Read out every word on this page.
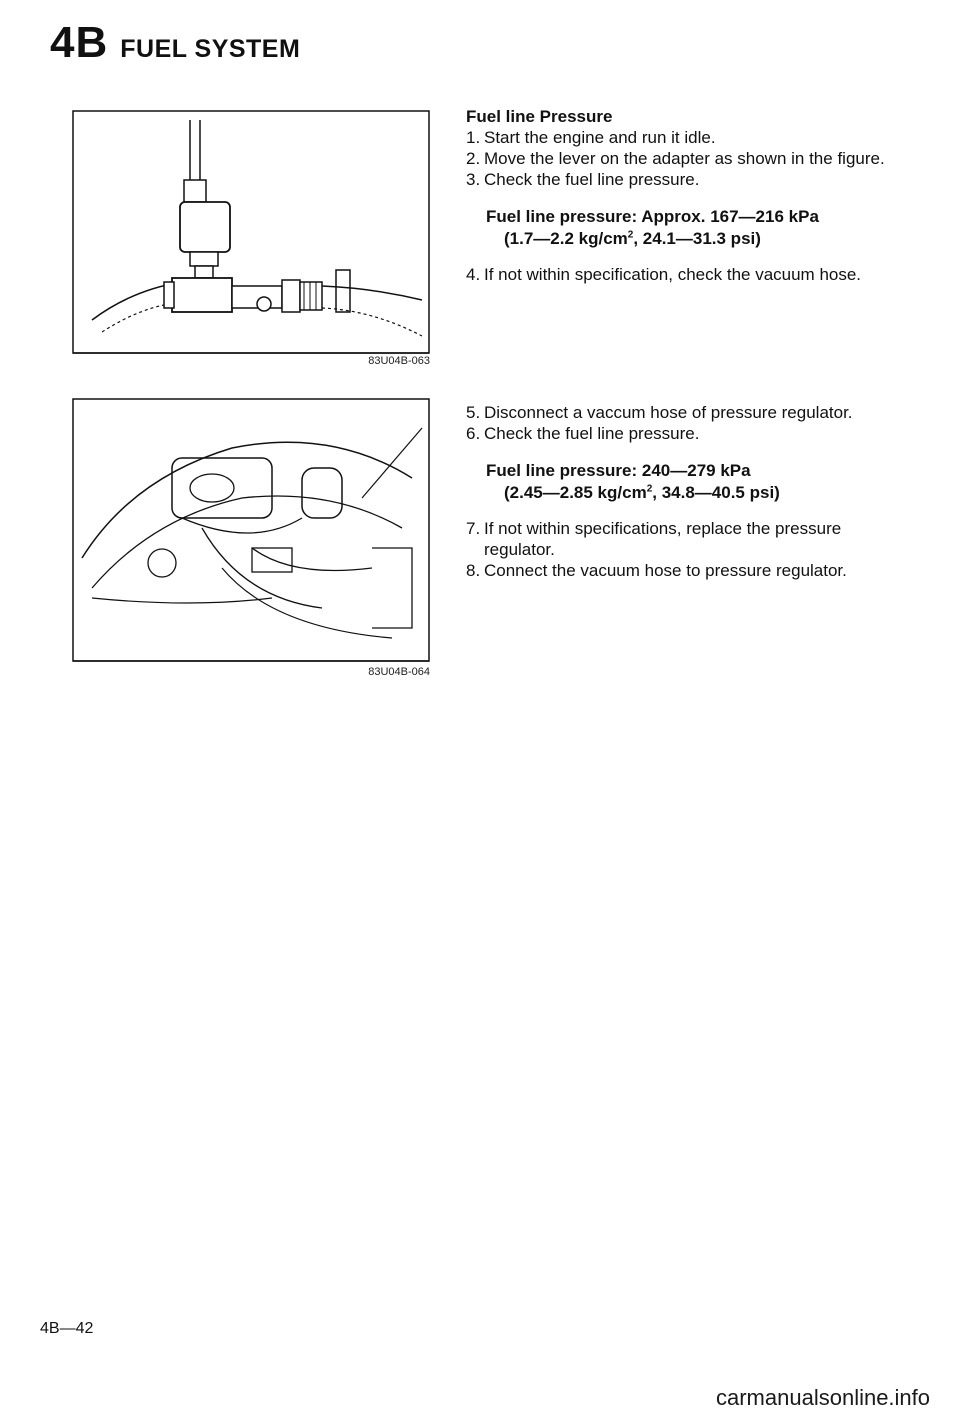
4B FUEL SYSTEM
83U04B-063
83U04B-064
Fuel line Pressure
1. Start the engine and run it idle.
2. Move the lever on the adapter as shown in the figure.
3. Check the fuel line pressure.
Fuel line pressure: Approx. 167—216 kPa
(1.7—2.2 $kg/cm^2$, 24.1—31.3 psi)
4. If not within specification, check the vacuum hose.
5. Disconnect a vaccum hose of pressure regulator.
6. Check the fuel line pressure.
Fuel line pressure: 240—279 kPa
(2.45—2.85 $kg/cm^2$, 34.8—40.5 psi)
7. If not within specifications, replace the pressure regulator.
8. Connect the vacuum hose to pressure regulator.
4B—42
carmanualsonline.info
